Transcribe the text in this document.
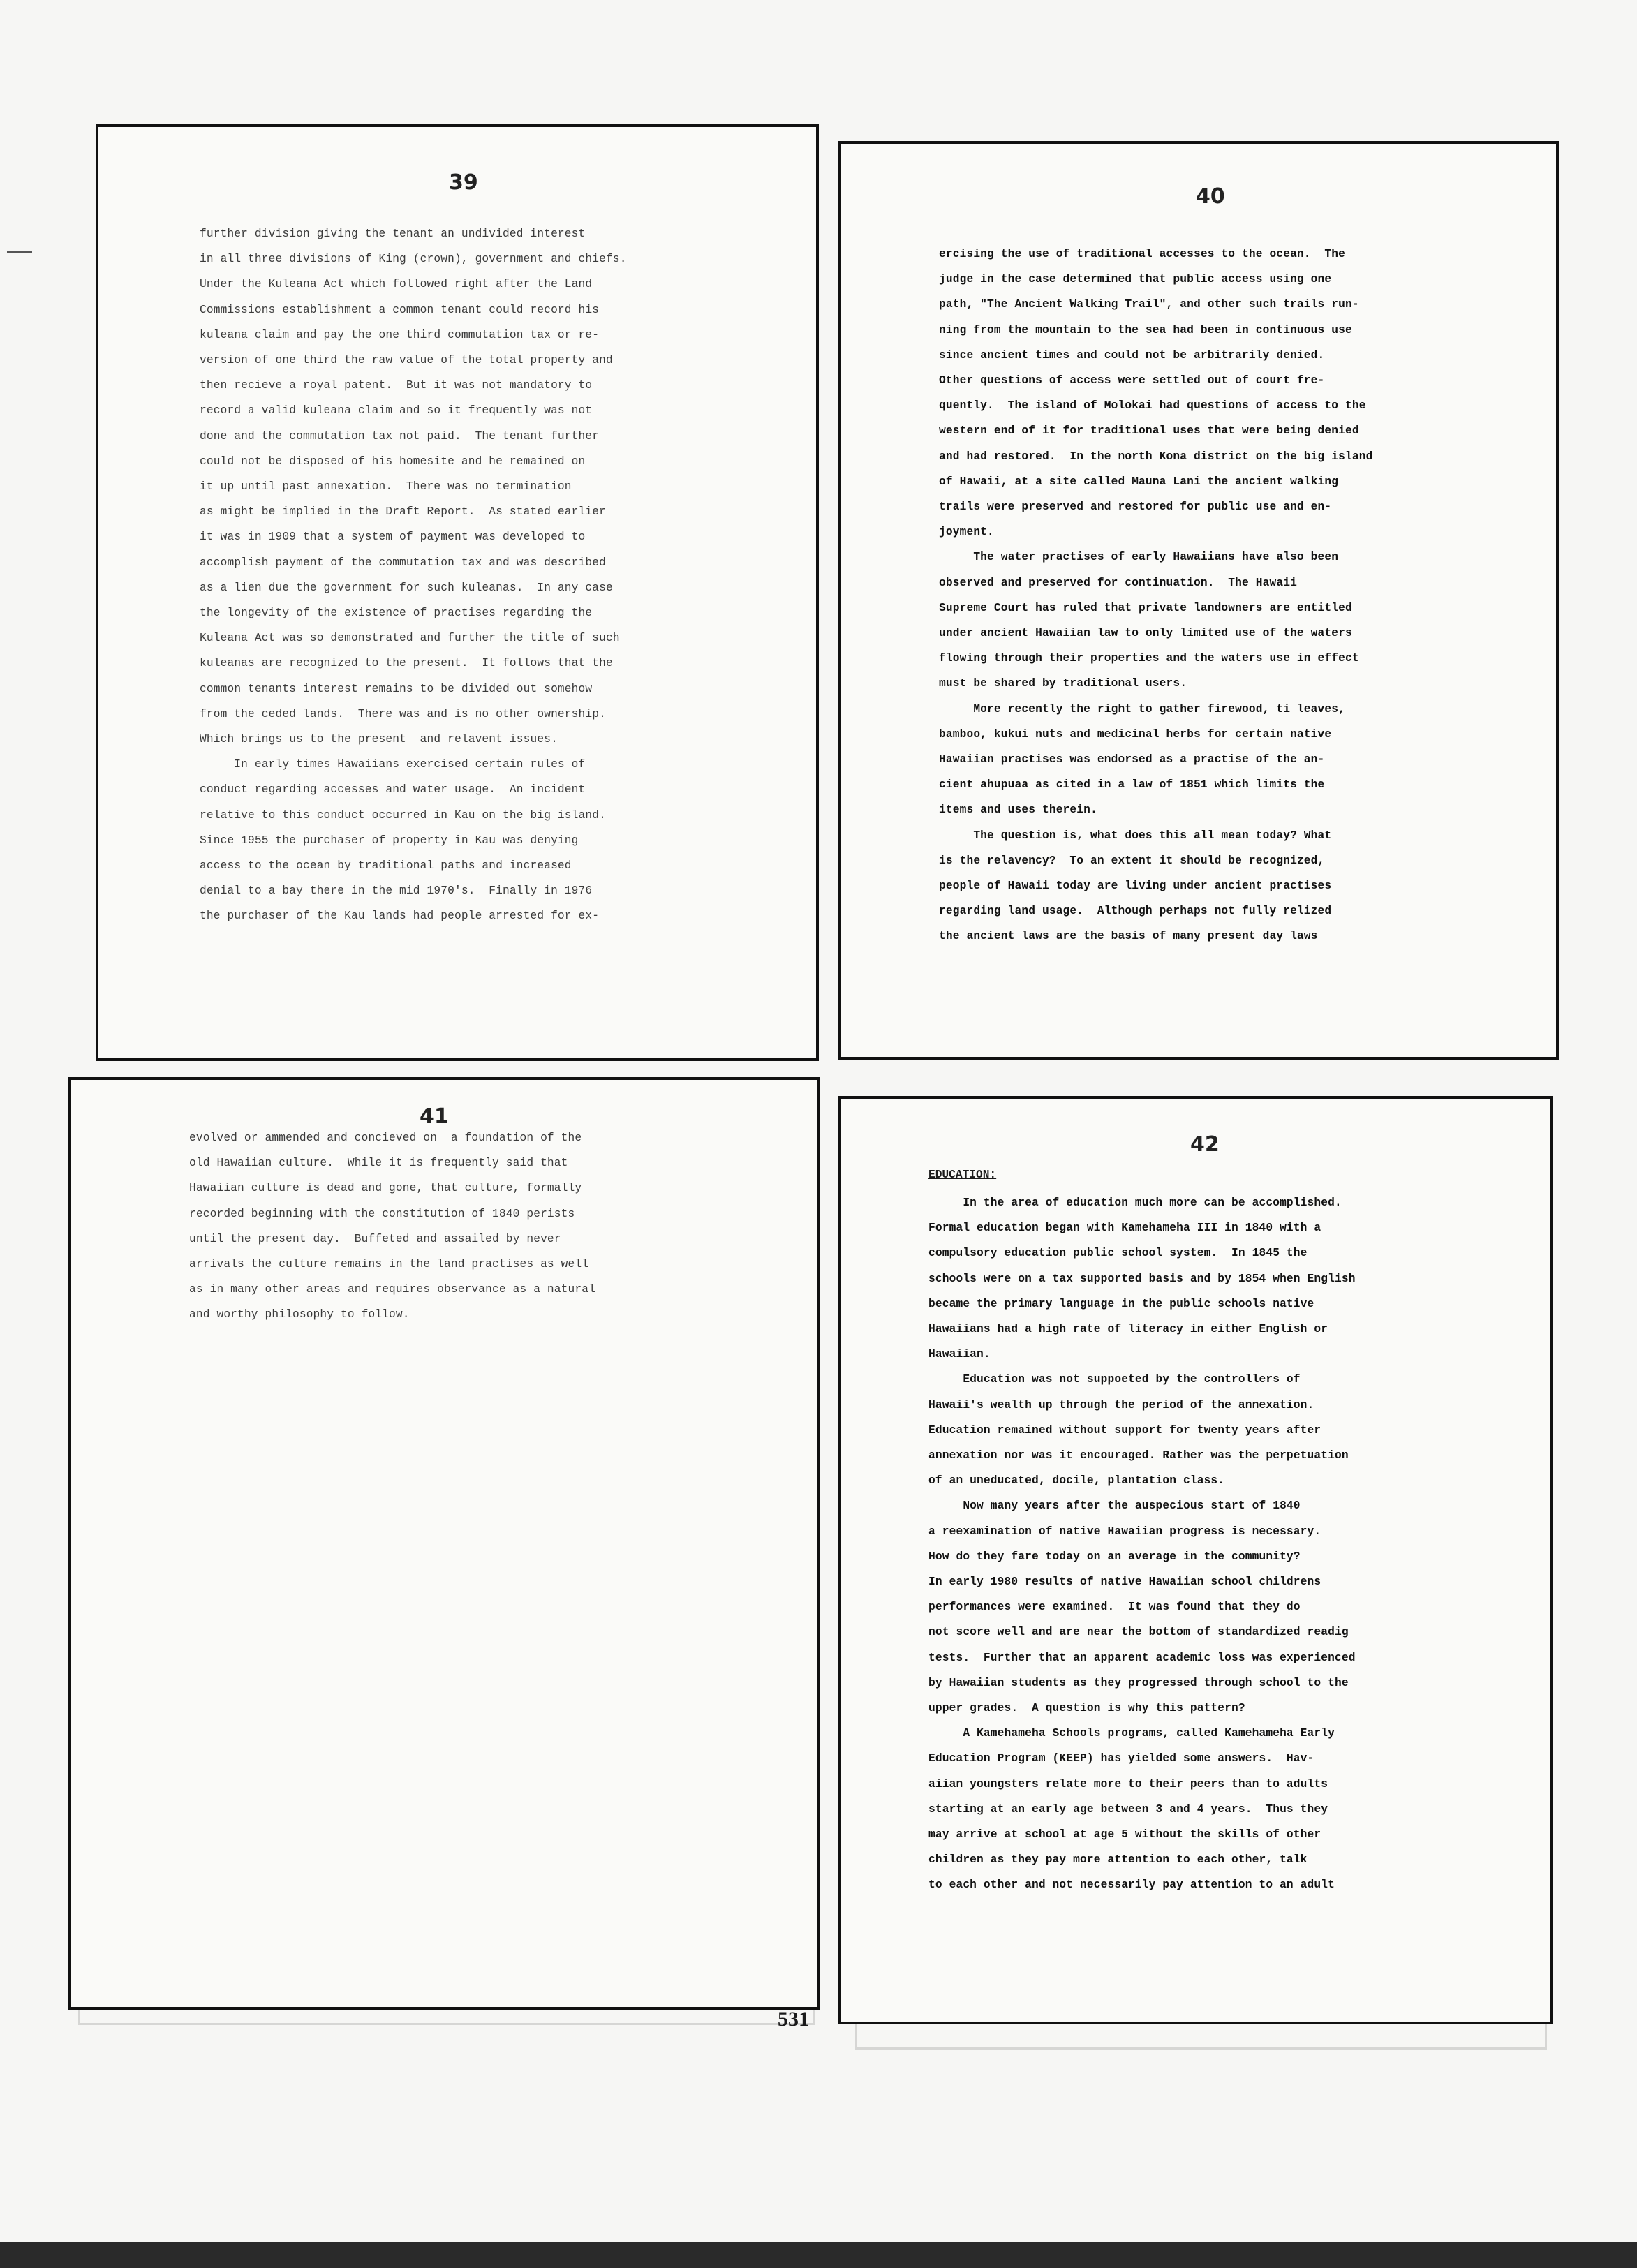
39
further division giving the tenant an undivided interest
in all three divisions of King (crown), government and chiefs.
Under the Kuleana Act which followed right after the Land
Commissions establishment a common tenant could record his
kuleana claim and pay the one third commutation tax or re-
version of one third the raw value of the total property and
then recieve a royal patent.  But it was not mandatory to
record a valid kuleana claim and so it frequently was not
done and the commutation tax not paid.  The tenant further
could not be disposed of his homesite and he remained on
it up until past annexation.  There was no termination
as might be implied in the Draft Report.  As stated earlier
it was in 1909 that a system of payment was developed to
accomplish payment of the commutation tax and was described
as a lien due the government for such kuleanas.  In any case
the longevity of the existence of practises regarding the
Kuleana Act was so demonstrated and further the title of such
kuleanas are recognized to the present.  It follows that the
common tenants interest remains to be divided out somehow
from the ceded lands.  There was and is no other ownership.
Which brings us to the present  and relavent issues.
In early times Hawaiians exercised certain rules of
conduct regarding accesses and water usage.  An incident
relative to this conduct occurred in Kau on the big island.
Since 1955 the purchaser of property in Kau was denying
access to the ocean by traditional paths and increased
denial to a bay there in the mid 1970's.  Finally in 1976
the purchaser of the Kau lands had people arrested for ex-
40
ercising the use of traditional accesses to the ocean.  The
judge in the case determined that public access using one
path, "The Ancient Walking Trail", and other such trails run-
ning from the mountain to the sea had been in continuous use
since ancient times and could not be arbitrarily denied.
Other questions of access were settled out of court fre-
quently.  The island of Molokai had questions of access to the
western end of it for traditional uses that were being denied
and had restored.  In the north Kona district on the big island
of Hawaii, at a site called Mauna Lani the ancient walking
trails were preserved and restored for public use and en-
joyment.
The water practises of early Hawaiians have also been
observed and preserved for continuation.  The Hawaii
Supreme Court has ruled that private landowners are entitled
under ancient Hawaiian law to only limited use of the waters
flowing through their properties and the waters use in effect
must be shared by traditional users.
More recently the right to gather firewood, ti leaves,
bamboo, kukui nuts and medicinal herbs for certain native
Hawaiian practises was endorsed as a practise of the an-
cient ahupuaa as cited in a law of 1851 which limits the
items and uses therein.
The question is, what does this all mean today? What
is the relavency?  To an extent it should be recognized,
people of Hawaii today are living under ancient practises
regarding land usage.  Although perhaps not fully relized
the ancient laws are the basis of many present day laws
41
evolved or ammended and concieved on  a foundation of the
old Hawaiian culture.  While it is frequently said that
Hawaiian culture is dead and gone, that culture, formally
recorded beginning with the constitution of 1840 perists
until the present day.  Buffeted and assailed by never
arrivals the culture remains in the land practises as well
as in many other areas and requires observance as a natural
and worthy philosophy to follow.
42
EDUCATION:
In the area of education much more can be accomplished.
Formal education began with Kamehameha III in 1840 with a
compulsory education public school system.  In 1845 the
schools were on a tax supported basis and by 1854 when English
became the primary language in the public schools native
Hawaiians had a high rate of literacy in either English or
Hawaiian.
Education was not suppoeted by the controllers of
Hawaii's wealth up through the period of the annexation.
Education remained without support for twenty years after
annexation nor was it encouraged. Rather was the perpetuation
of an uneducated, docile, plantation class.
Now many years after the auspecious start of 1840
a reexamination of native Hawaiian progress is necessary.
How do they fare today on an average in the community?
In early 1980 results of native Hawaiian school childrens
performances were examined.  It was found that they do
not score well and are near the bottom of standardized readig
tests.  Further that an apparent academic loss was experienced
by Hawaiian students as they progressed through school to the
upper grades.  A question is why this pattern?
A Kamehameha Schools programs, called Kamehameha Early
Education Program (KEEP) has yielded some answers.  Hav-
aiian youngsters relate more to their peers than to adults
starting at an early age between 3 and 4 years.  Thus they
may arrive at school at age 5 without the skills of other
children as they pay more attention to each other, talk
to each other and not necessarily pay attention to an adult
531
